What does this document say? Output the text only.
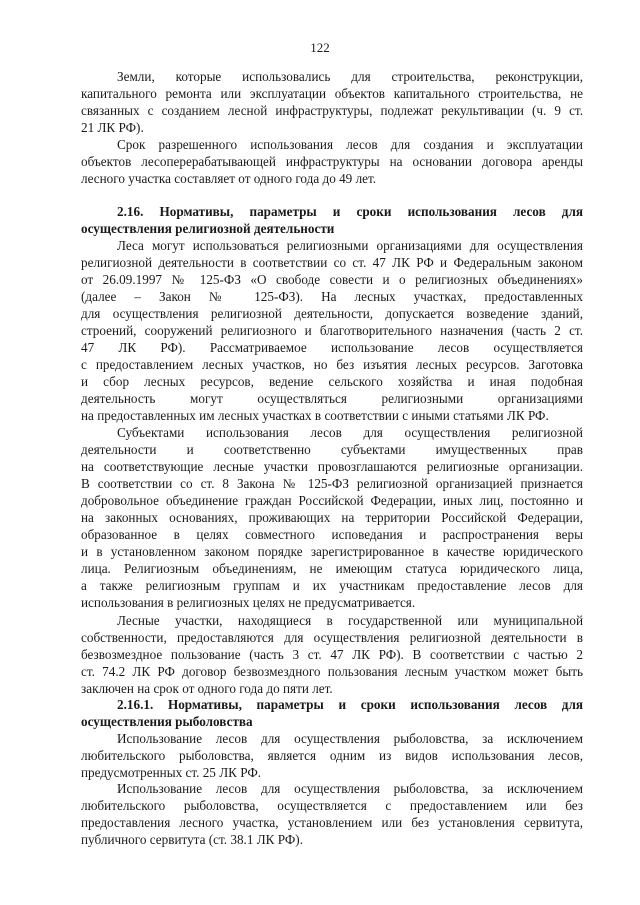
122
Земли, которые использовались для строительства, реконструкции,
капитального ремонта или эксплуатации объектов капитального строительства, не
связанных с созданием лесной инфраструктуры, подлежат рекультивации (ч. 9 ст.
21 ЛК РФ).
Срок разрешенного использования лесов для создания и эксплуатации
объектов лесоперерабатывающей инфраструктуры на основании договора аренды
лесного участка составляет от одного года до 49 лет.
2.16. Нормативы, параметры и сроки использования лесов для
осуществления религиозной деятельности
Леса могут использоваться религиозными организациями для осуществления
религиозной деятельности в соответствии со ст. 47 ЛК РФ и Федеральным законом
от 26.09.1997 № 125-ФЗ «О свободе совести и о религиозных объединениях»
(далее – Закон № 125-ФЗ). На лесных участках, предоставленных
для осуществления религиозной деятельности, допускается возведение зданий,
строений, сооружений религиозного и благотворительного назначения (часть 2 ст.
47 ЛК РФ). Рассматриваемое использование лесов осуществляется
с предоставлением лесных участков, но без изъятия лесных ресурсов. Заготовка
и сбор лесных ресурсов, ведение сельского хозяйства и иная подобная
деятельность могут осуществляться религиозными организациями
на предоставленных им лесных участках в соответствии с иными статьями ЛК РФ.
Субъектами использования лесов для осуществления религиозной
деятельности и соответственно субъектами имущественных прав
на соответствующие лесные участки провозглашаются религиозные организации.
В соответствии со ст. 8 Закона № 125-ФЗ религиозной организацией признается
добровольное объединение граждан Российской Федерации, иных лиц, постоянно и
на законных основаниях, проживающих на территории Российской Федерации,
образованное в целях совместного исповедания и распространения веры
и в установленном законом порядке зарегистрированное в качестве юридического
лица. Религиозным объединениям, не имеющим статуса юридического лица,
а также религиозным группам и их участникам предоставление лесов для
использования в религиозных целях не предусматривается.
Лесные участки, находящиеся в государственной или муниципальной
собственности, предоставляются для осуществления религиозной деятельности в
безвозмездное пользование (часть 3 ст. 47 ЛК РФ). В соответствии с частью 2
ст. 74.2 ЛК РФ договор безвозмездного пользования лесным участком может быть
заключен на срок от одного года до пяти лет.
2.16.1. Нормативы, параметры и сроки использования лесов для
осуществления рыболовства
Использование лесов для осуществления рыболовства, за исключением
любительского рыболовства, является одним из видов использования лесов,
предусмотренных ст. 25 ЛК РФ.
Использование лесов для осуществления рыболовства, за исключением
любительского рыболовства, осуществляется с предоставлением или без
предоставления лесного участка, установлением или без установления сервитута,
публичного сервитута (ст. 38.1 ЛК РФ).
